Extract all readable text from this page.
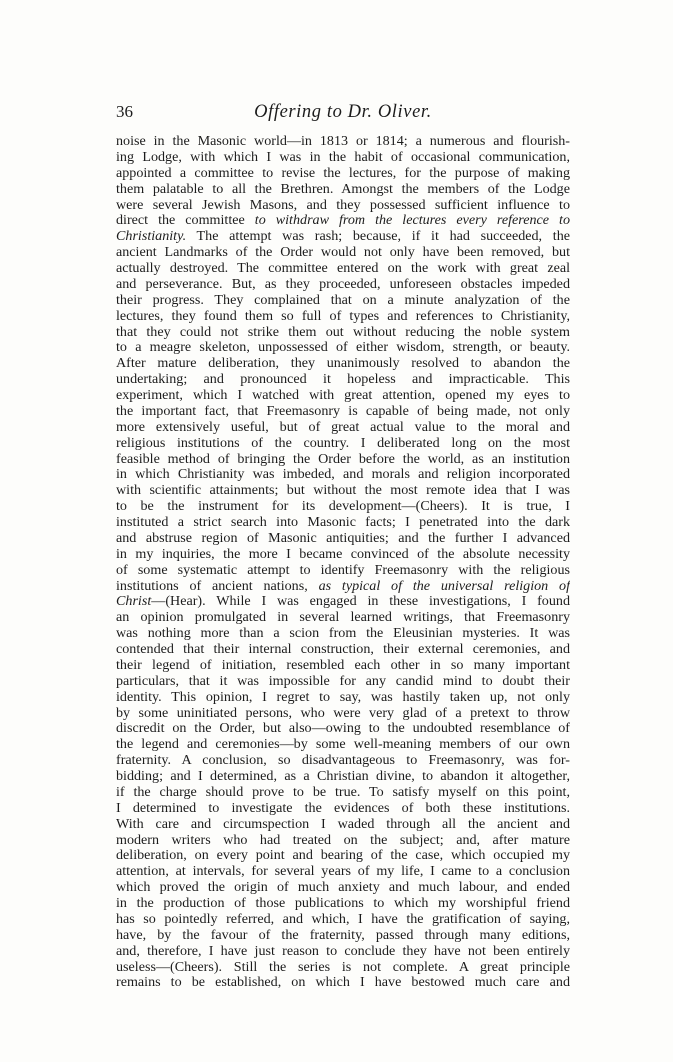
36	Offering to Dr. Oliver.
noise in the Masonic world—in 1813 or 1814; a numerous and flourish-
ing Lodge, with which I was in the habit of occasional communication,
appointed a committee to revise the lectures, for the purpose of making
them palatable to all the Brethren. Amongst the members of the Lodge
were several Jewish Masons, and they possessed sufficient influence to
direct the committee to withdraw from the lectures every reference to
Christianity. The attempt was rash; because, if it had succeeded, the
ancient Landmarks of the Order would not only have been removed, but
actually destroyed. The committee entered on the work with great zeal
and perseverance. But, as they proceeded, unforeseen obstacles impeded
their progress. They complained that on a minute analyzation of the
lectures, they found them so full of types and references to Christianity,
that they could not strike them out without reducing the noble system
to a meagre skeleton, unpossessed of either wisdom, strength, or beauty.
After mature deliberation, they unanimously resolved to abandon the
undertaking; and pronounced it hopeless and impracticable. This
experiment, which I watched with great attention, opened my eyes to
the important fact, that Freemasonry is capable of being made, not only
more extensively useful, but of great actual value to the moral and
religious institutions of the country. I deliberated long on the most
feasible method of bringing the Order before the world, as an institution
in which Christianity was imbeded, and morals and religion incorporated
with scientific attainments; but without the most remote idea that I was
to be the instrument for its development—(Cheers). It is true, I
instituted a strict search into Masonic facts; I penetrated into the dark
and abstruse region of Masonic antiquities; and the further I advanced
in my inquiries, the more I became convinced of the absolute necessity
of some systematic attempt to identify Freemasonry with the religious
institutions of ancient nations, as typical of the universal religion of
Christ—(Hear). While I was engaged in these investigations, I found
an opinion promulgated in several learned writings, that Freemasonry
was nothing more than a scion from the Eleusinian mysteries. It was
contended that their internal construction, their external ceremonies, and
their legend of initiation, resembled each other in so many important
particulars, that it was impossible for any candid mind to doubt their
identity. This opinion, I regret to say, was hastily taken up, not only
by some uninitiated persons, who were very glad of a pretext to throw
discredit on the Order, but also—owing to the undoubted resemblance of
the legend and ceremonies—by some well-meaning members of our own
fraternity. A conclusion, so disadvantageous to Freemasonry, was for-
bidding; and I determined, as a Christian divine, to abandon it altogether,
if the charge should prove to be true. To satisfy myself on this point,
I determined to investigate the evidences of both these institutions.
With care and circumspection I waded through all the ancient and
modern writers who had treated on the subject; and, after mature
deliberation, on every point and bearing of the case, which occupied my
attention, at intervals, for several years of my life, I came to a conclusion
which proved the origin of much anxiety and much labour, and ended
in the production of those publications to which my worshipful friend
has so pointedly referred, and which, I have the gratification of saying,
have, by the favour of the fraternity, passed through many editions,
and, therefore, I have just reason to conclude they have not been entirely
useless—(Cheers). Still the series is not complete. A great principle
remains to be established, on which I have bestowed much care and
